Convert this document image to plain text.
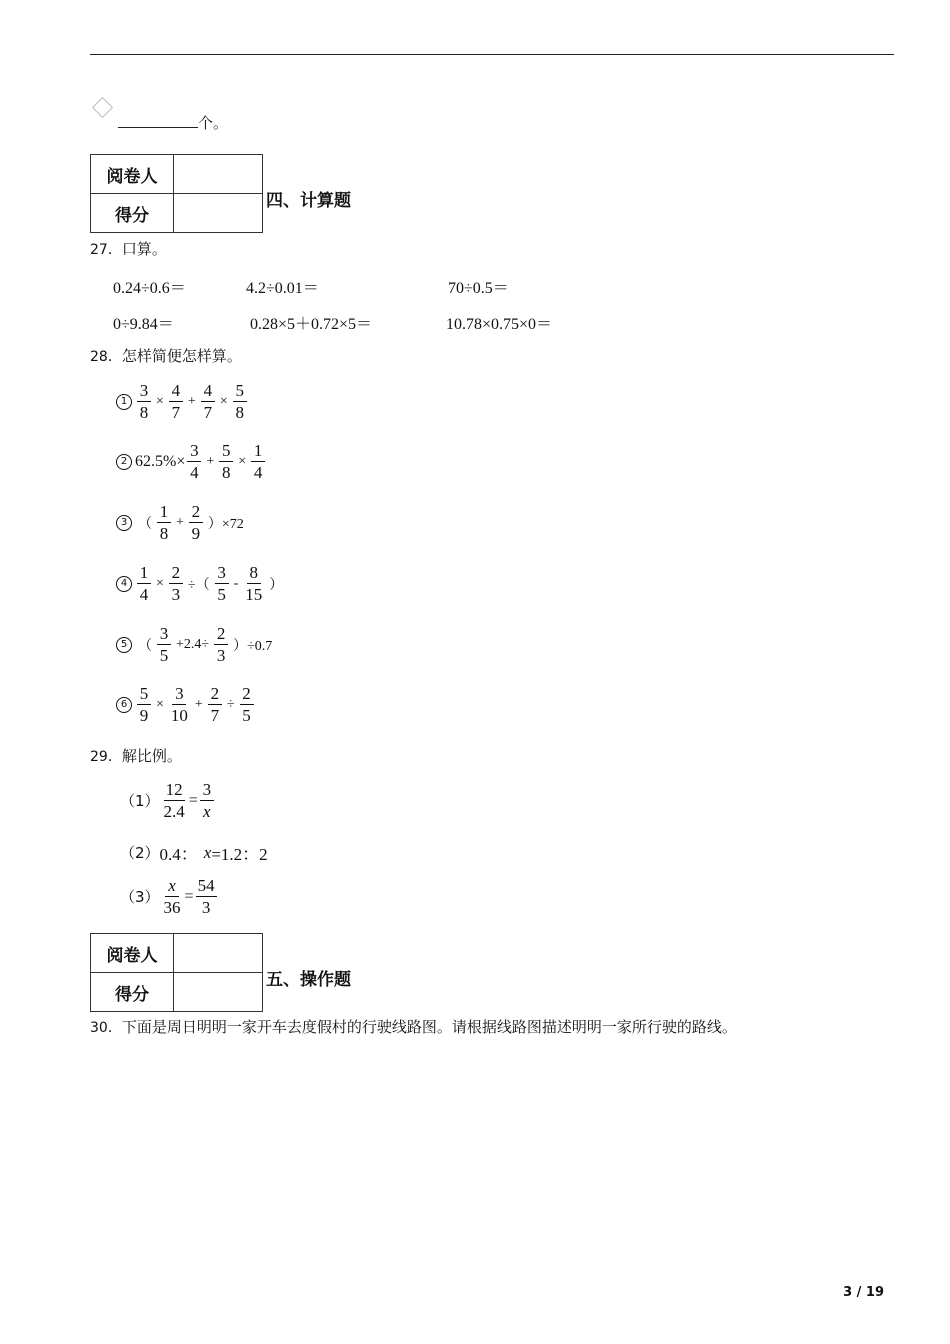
个。
阅卷人	
得分	
四、计算题
27．口算。
0.24÷0.6＝	4.2÷0.01＝	70÷0.5＝
0÷9.84＝	0.28×5＋0.72×5＝	10.78×0.75×0＝
28．怎样简便怎样算。
$1 \frac{3}{8} \times \frac{4}{7} + \frac{4}{7} \times \frac{5}{8}$
2 $62.5\%\times \frac{3}{4} + \frac{5}{8} \times \frac{1}{4}$
3 （ $\frac{1}{8} + \frac{2}{9} )\times 72$
$4 \frac{1}{4} \times \frac{2}{3}$ ÷（ $\frac{3}{5} - \frac{8}{15}$ ）
5 （ $\frac{3}{5} +2.4\div \frac{2}{3} )\div 0.7$
$6 \frac{5}{9} \times \frac{3}{10} + \frac{2}{7} \div \frac{2}{5}$
29．解比例。
$(1) \frac{12}{2.4} = \frac{3}{x}$
（2） 0.4： x =1.2：2
$(3) \frac{x}{36} = \frac{54}{3}$
阅卷人	
得分	
五、操作题
30．下面是周日明明一家开车去度假村的行驶线路图。请根据线路图描述明明一家所行驶的路线。
3 / 19
